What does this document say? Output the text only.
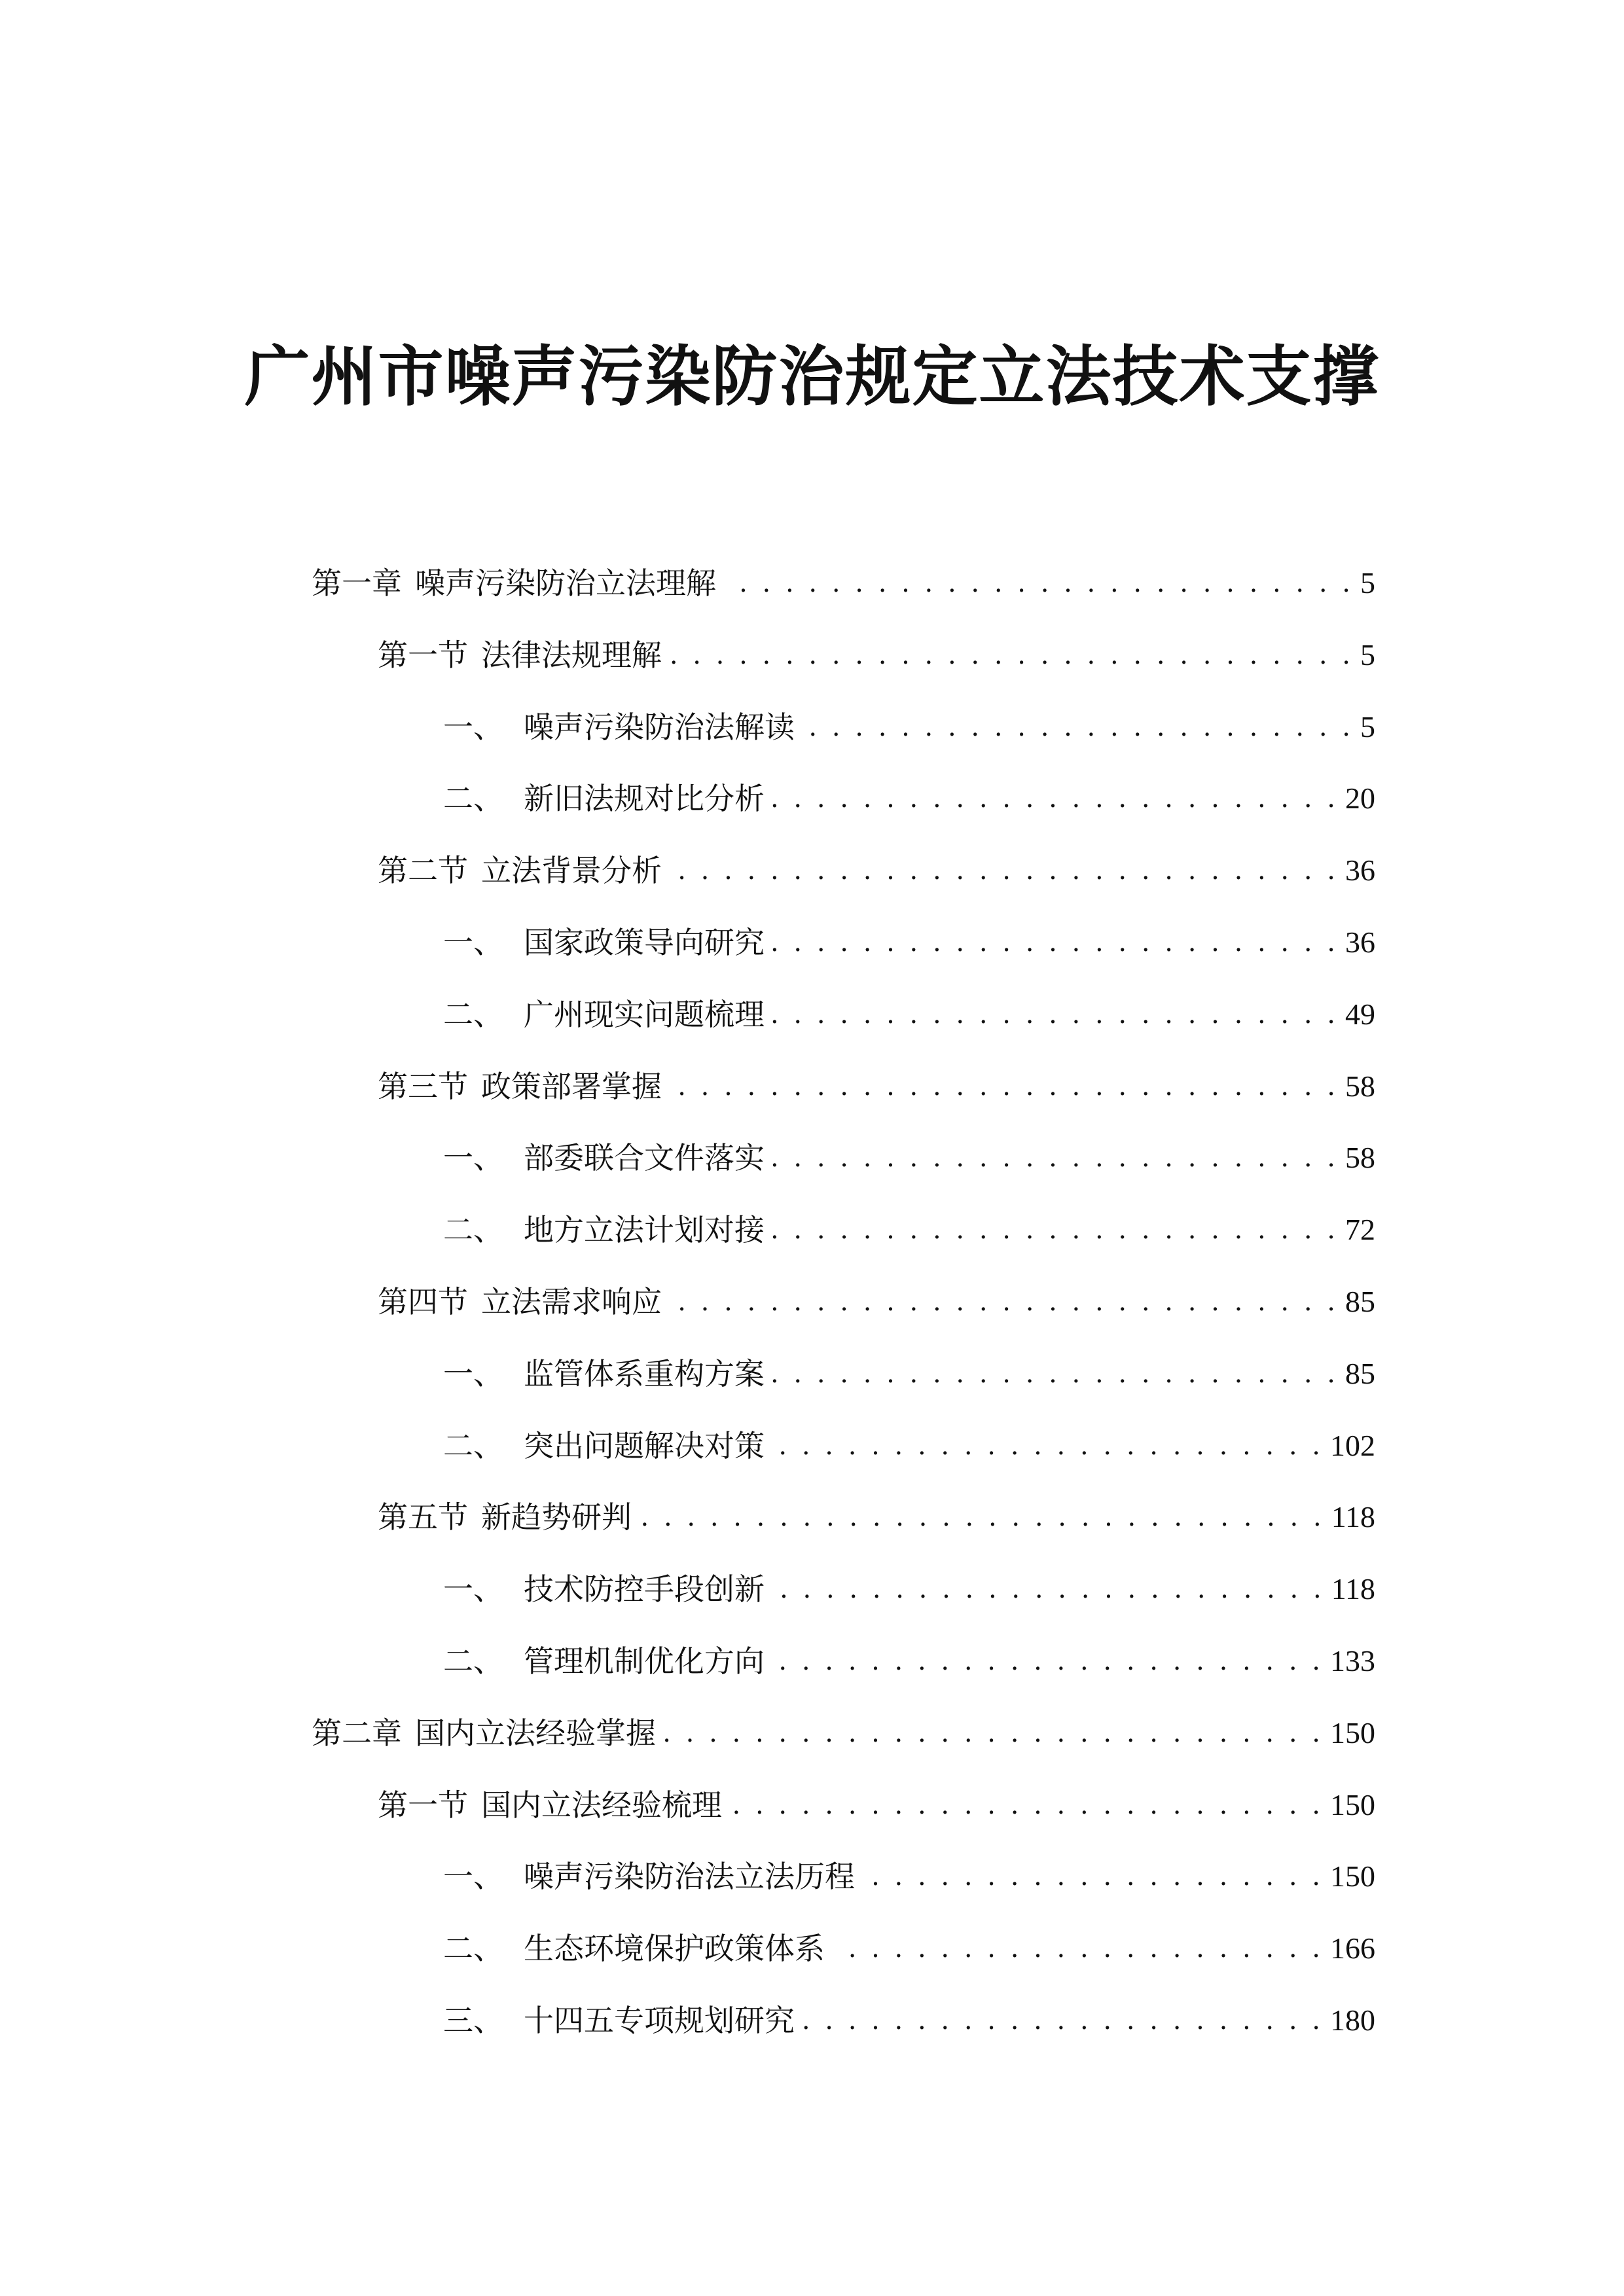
广州市噪声污染防治规定立法技术支撑
第一章 噪声污染防治立法理解 . . .	5
第一节 法律法规理解 . . .	5
一、 噪声污染防治法解读 . . .	5
二、 新旧法规对比分析 . . .	20
第二节 立法背景分析 . . .	36
一、 国家政策导向研究 . . .	36
二、 广州现实问题梳理 . . .	49
第三节 政策部署掌握 . . .	58
一、 部委联合文件落实 . . .	58
二、 地方立法计划对接 . . .	72
第四节 立法需求响应 . . .	85
一、 监管体系重构方案 . . .	85
二、 突出问题解决对策 . . .	102
第五节 新趋势研判 . . .	118
一、 技术防控手段创新 . . .	118
二、 管理机制优化方向 . . .	133
第二章 国内立法经验掌握 . . .	150
第一节 国内立法经验梳理 . . .	150
一、 噪声污染防治法立法历程 . . .	150
二、 生态环境保护政策体系 . . .	166
三、 十四五专项规划研究 . . .	180
